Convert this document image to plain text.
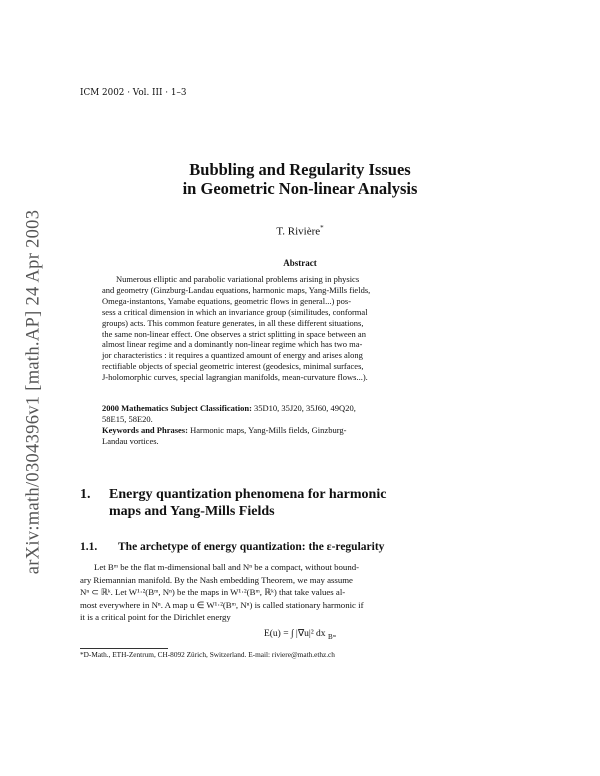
ICM 2002 · Vol. III · 1–3
arXiv:math/0304396v1 [math.AP] 24 Apr 2003
Bubbling and Regularity Issues
in Geometric Non-linear Analysis
T. Rivière*
Abstract
Numerous elliptic and parabolic variational problems arising in physics
and geometry (Ginzburg-Landau equations, harmonic maps, Yang-Mills fields,
Omega-instantons, Yamabe equations, geometric flows in general...) pos-
sess a critical dimension in which an invariance group (similitudes, conformal
groups) acts. This common feature generates, in all these different situations,
the same non-linear effect. One observes a strict splitting in space between an
almost linear regime and a dominantly non-linear regime which has two ma-
jor characteristics : it requires a quantized amount of energy and arises along
rectifiable objects of special geometric interest (geodesics, minimal surfaces,
J-holomorphic curves, special lagrangian manifolds, mean-curvature flows...).
2000 Mathematics Subject Classification: 35D10, 35J20, 35J60, 49Q20,
58E15, 58E20.
Keywords and Phrases: Harmonic maps, Yang-Mills fields, Ginzburg-
Landau vortices.
1. Energy quantization phenomena for harmonic
maps and Yang-Mills Fields
1.1. The archetype of energy quantization: the ε-regularity
Let Bᵐ be the flat m-dimensional ball and Nⁿ be a compact, without bound-
ary Riemannian manifold. By the Nash embedding Theorem, we may assume
Nⁿ ⊂ ℝᵏ. Let W¹·²(Bᵐ, Nⁿ) be the maps in W¹·²(Bᵐ, ℝᵏ) that take values al-
most everywhere in Nⁿ. A map u ∈ W¹·²(Bᵐ, Nⁿ) is called stationary harmonic if
it is a critical point for the Dirichlet energy
E(u) = ∫ |∇u|² dx $_{Bᵐ}$
*D-Math., ETH-Zentrum, CH-8092 Zürich, Switzerland. E-mail: riviere@math.ethz.ch
